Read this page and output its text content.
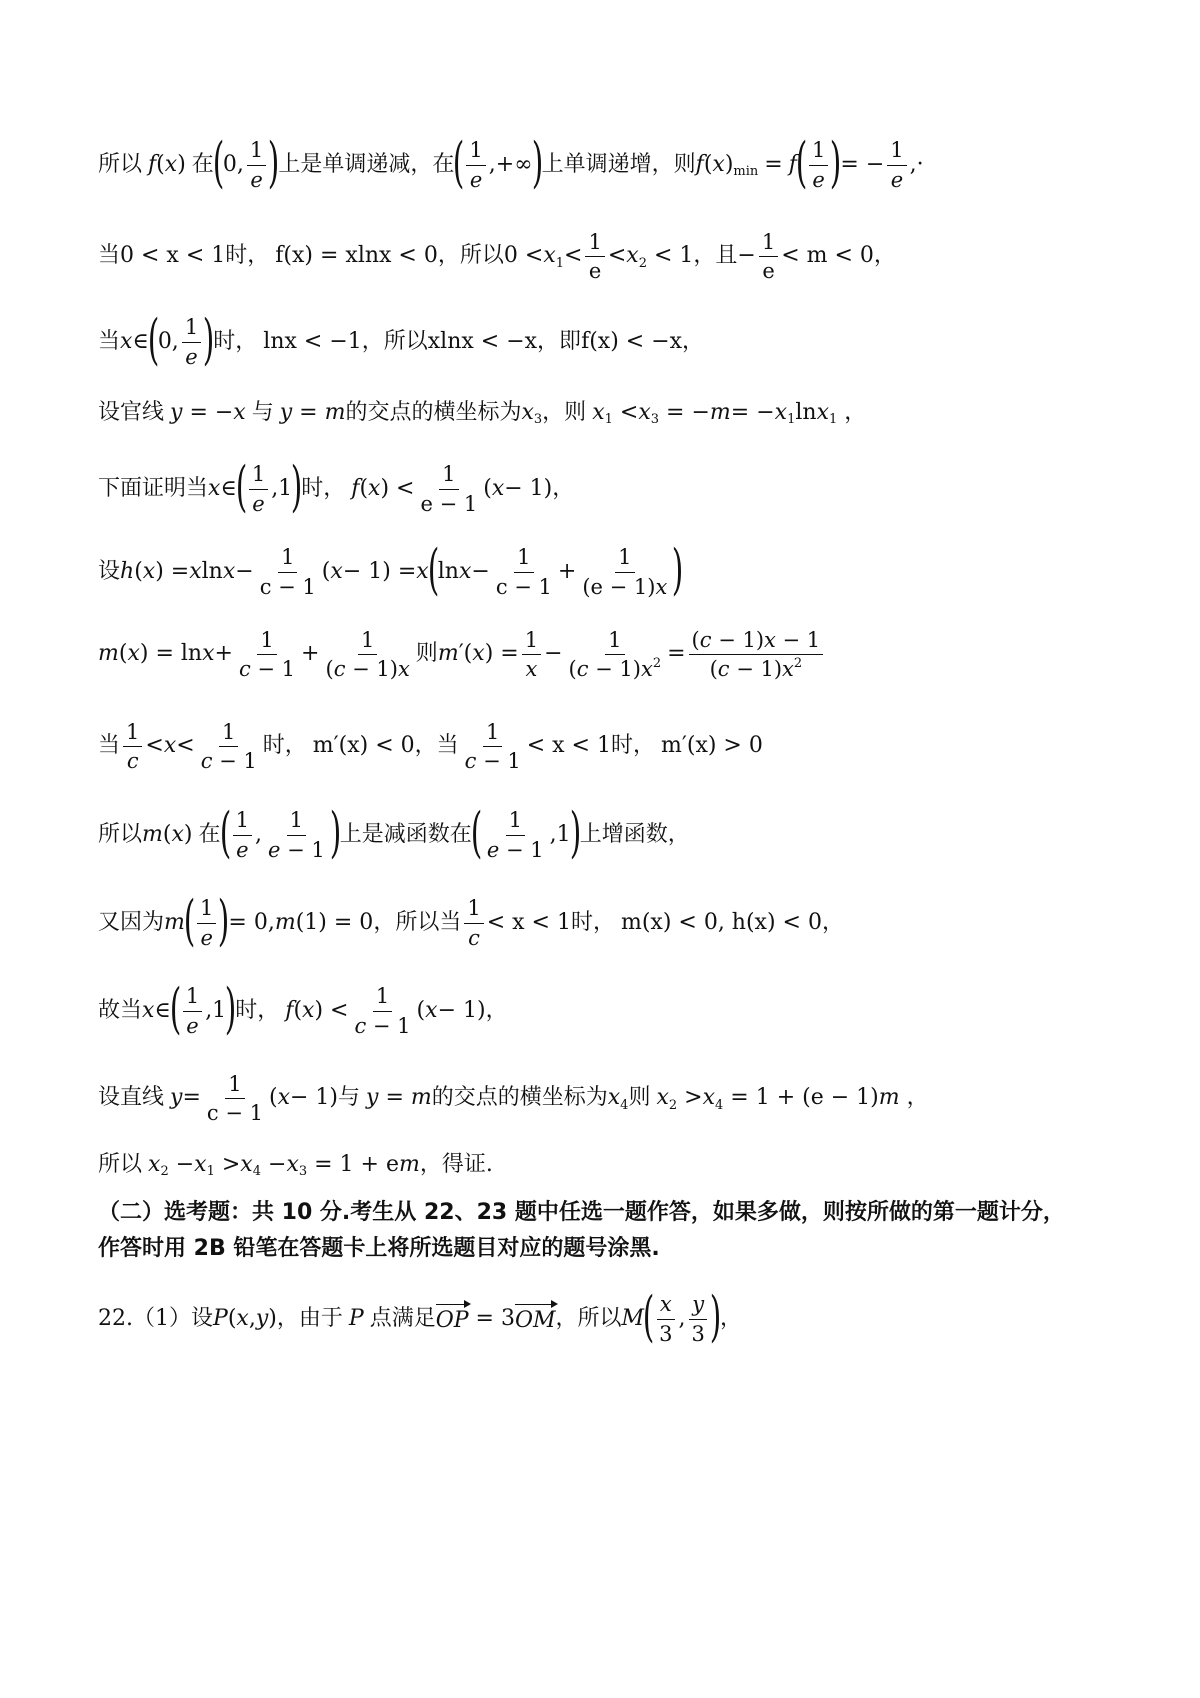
所以 f ( x ) 在
(
0, $\frac{1}{e}$ )
上是单调递减，在
( $\frac{1}{e}$ ,+∞
)
上单调递增，则 f ( x ) min = f
( $\frac{1}{e}$ )
= − $\frac{1}{e}$ ,·
当 0 < x < 1 时， f(x) = xlnx < 0 ，所以 0 < x $1 < \frac{1}{e} < x$ 2 < 1， 且 − $\frac{1}{e} < m < 0$，
当 x ∈
(
0, $\frac{1}{e}$ )
时， lnx < −1 ，所以 xlnx < −x ，即 f(x) < −x，
设官线 y = −x 与 y = m 的交点的横坐标为 x 3 ，则 x 1 < x 3 = − m = − x 1 ln x 1 ，
下面证明当 x ∈
( $\frac{1}{e} ,1$
)
时， f ( x ) < $\frac{1}{e - 1}$ ( x − 1)，
设 h ( x ) = x $\ln x - \frac{1}{c - 1}$ ( x − 1) = x
(
$\ln x - \frac{1}{c - 1} + \frac{1}{(e - 1)x}$ )
m ( x ) = $\ln x + \frac{1}{c - 1} + \frac{1}{(c - 1)x}$ 则 m ′( x ) = $\frac{1}{x} - \frac{1}{(c - 1)x^2} = \frac{(c - 1)x - 1}{(c - 1)x^2}$
当 $\frac{1}{c} < x < \frac{1}{c - 1}$ 时， m′(x) < 0 ，当 $\frac{1}{c - 1} < x < 1$时， m′(x) > 0
所以 m ( x ) 在
( $\frac{1}{e}$ , $\frac{1}{e - 1}$ )
上是减函数在
( $\frac{1}{e - 1} ,1$
)
上增函数，
又因为 m
( $\frac{1}{e}$ )
= 0, m (1) = 0 ，所以当 $\frac{1}{c} < x < 1$时， m(x) < 0, h(x) < 0，
故当 x ∈
( $\frac{1}{e} ,1$
)
时， f ( x ) < $\frac{1}{c - 1}$ ( x − 1)，
设直线 $y = \frac{1}{c - 1}$ ( x − 1) 与 y = m 的交点的横坐标为 x 4 则 x 2 > x 4 = 1 + (e − 1) m ，
所以 x 2 − x 1 > x 4 − x 3 = 1 + e m ，得证.
（二）选考题：共 10 分.考生从 22、23 题中任选一题作答，如果多做，则按所做的第一题计分，
作答时用 2B 铅笔在答题卡上将所选题目对应的题号涂黑.
22.（1）设 P ( x , y ) ，由于 P 点满足 OP = 3 OM ，所以 M
( $\frac{x}{3}$ , $\frac{y}{3}$ )
，
